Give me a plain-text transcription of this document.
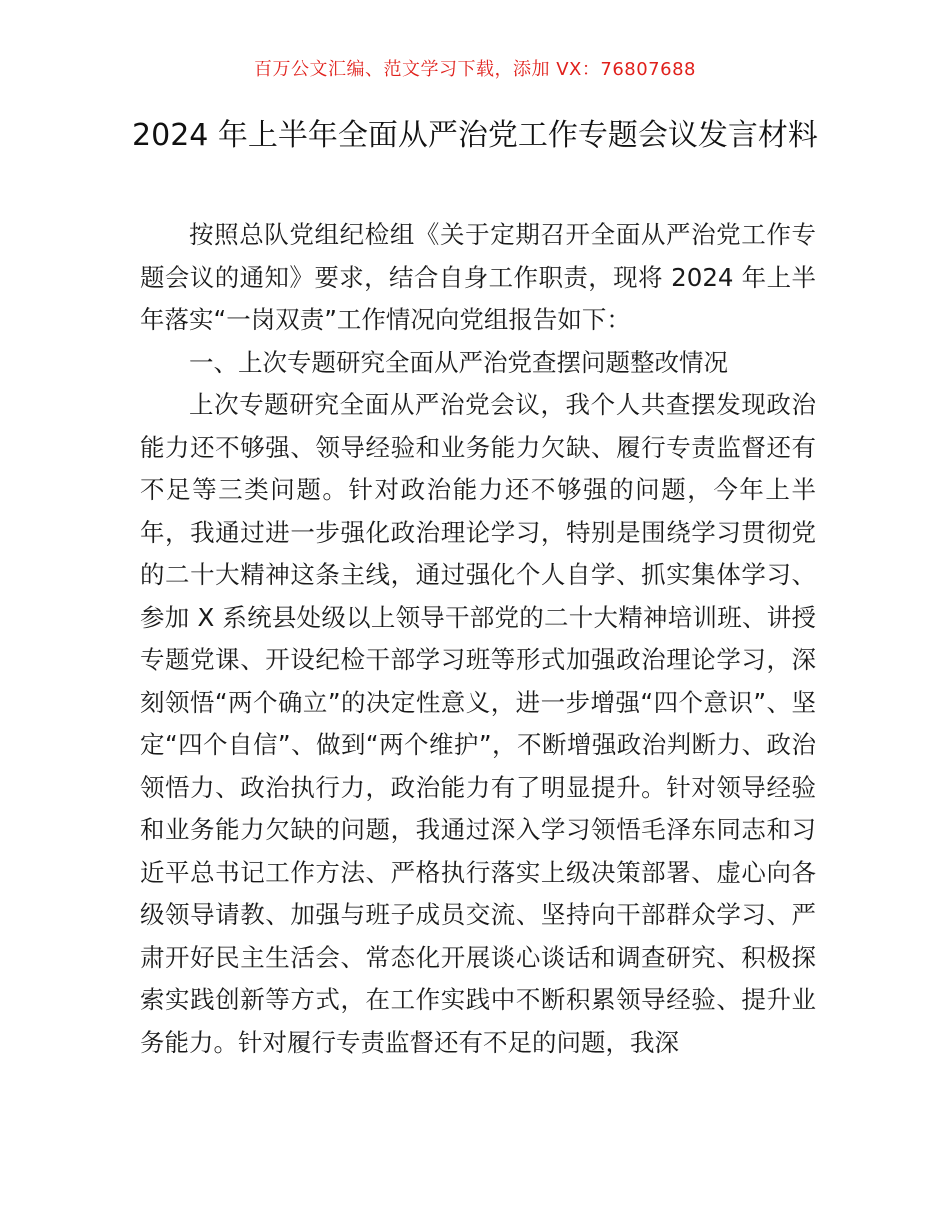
百万公文汇编、范文学习下载，添加 VX：76807688
2024 年上半年全面从严治党工作专题会议发言材料

按照总队党组纪检组《关于定期召开全面从严治党工作专题会议的通知》要求，结合自身工作职责，现将 2024 年上半年落实“一岗双责”工作情况向党组报告如下：

一、上次专题研究全面从严治党查摆问题整改情况

上次专题研究全面从严治党会议，我个人共查摆发现政治能力还不够强、领导经验和业务能力欠缺、履行专责监督还有不足等三类问题。针对政治能力还不够强的问题，今年上半年，我通过进一步强化政治理论学习，特别是围绕学习贯彻党的二十大精神这条主线，通过强化个人自学、抓实集体学习、参加 X 系统县处级以上领导干部党的二十大精神培训班、讲授专题党课、开设纪检干部学习班等形式加强政治理论学习，深刻领悟“两个确立”的决定性意义，进一步增强“四个意识”、坚定“四个自信”、做到“两个维护”，不断增强政治判断力、政治领悟力、政治执行力，政治能力有了明显提升。针对领导经验和业务能力欠缺的问题，我通过深入学习领悟毛泽东同志和习近平总书记工作方法、严格执行落实上级决策部署、虚心向各级领导请教、加强与班子成员交流、坚持向干部群众学习、严肃开好民主生活会、常态化开展谈心谈话和调查研究、积极探索实践创新等方式，在工作实践中不断积累领导经验、提升业务能力。针对履行专责监督还有不足的问题，我深
